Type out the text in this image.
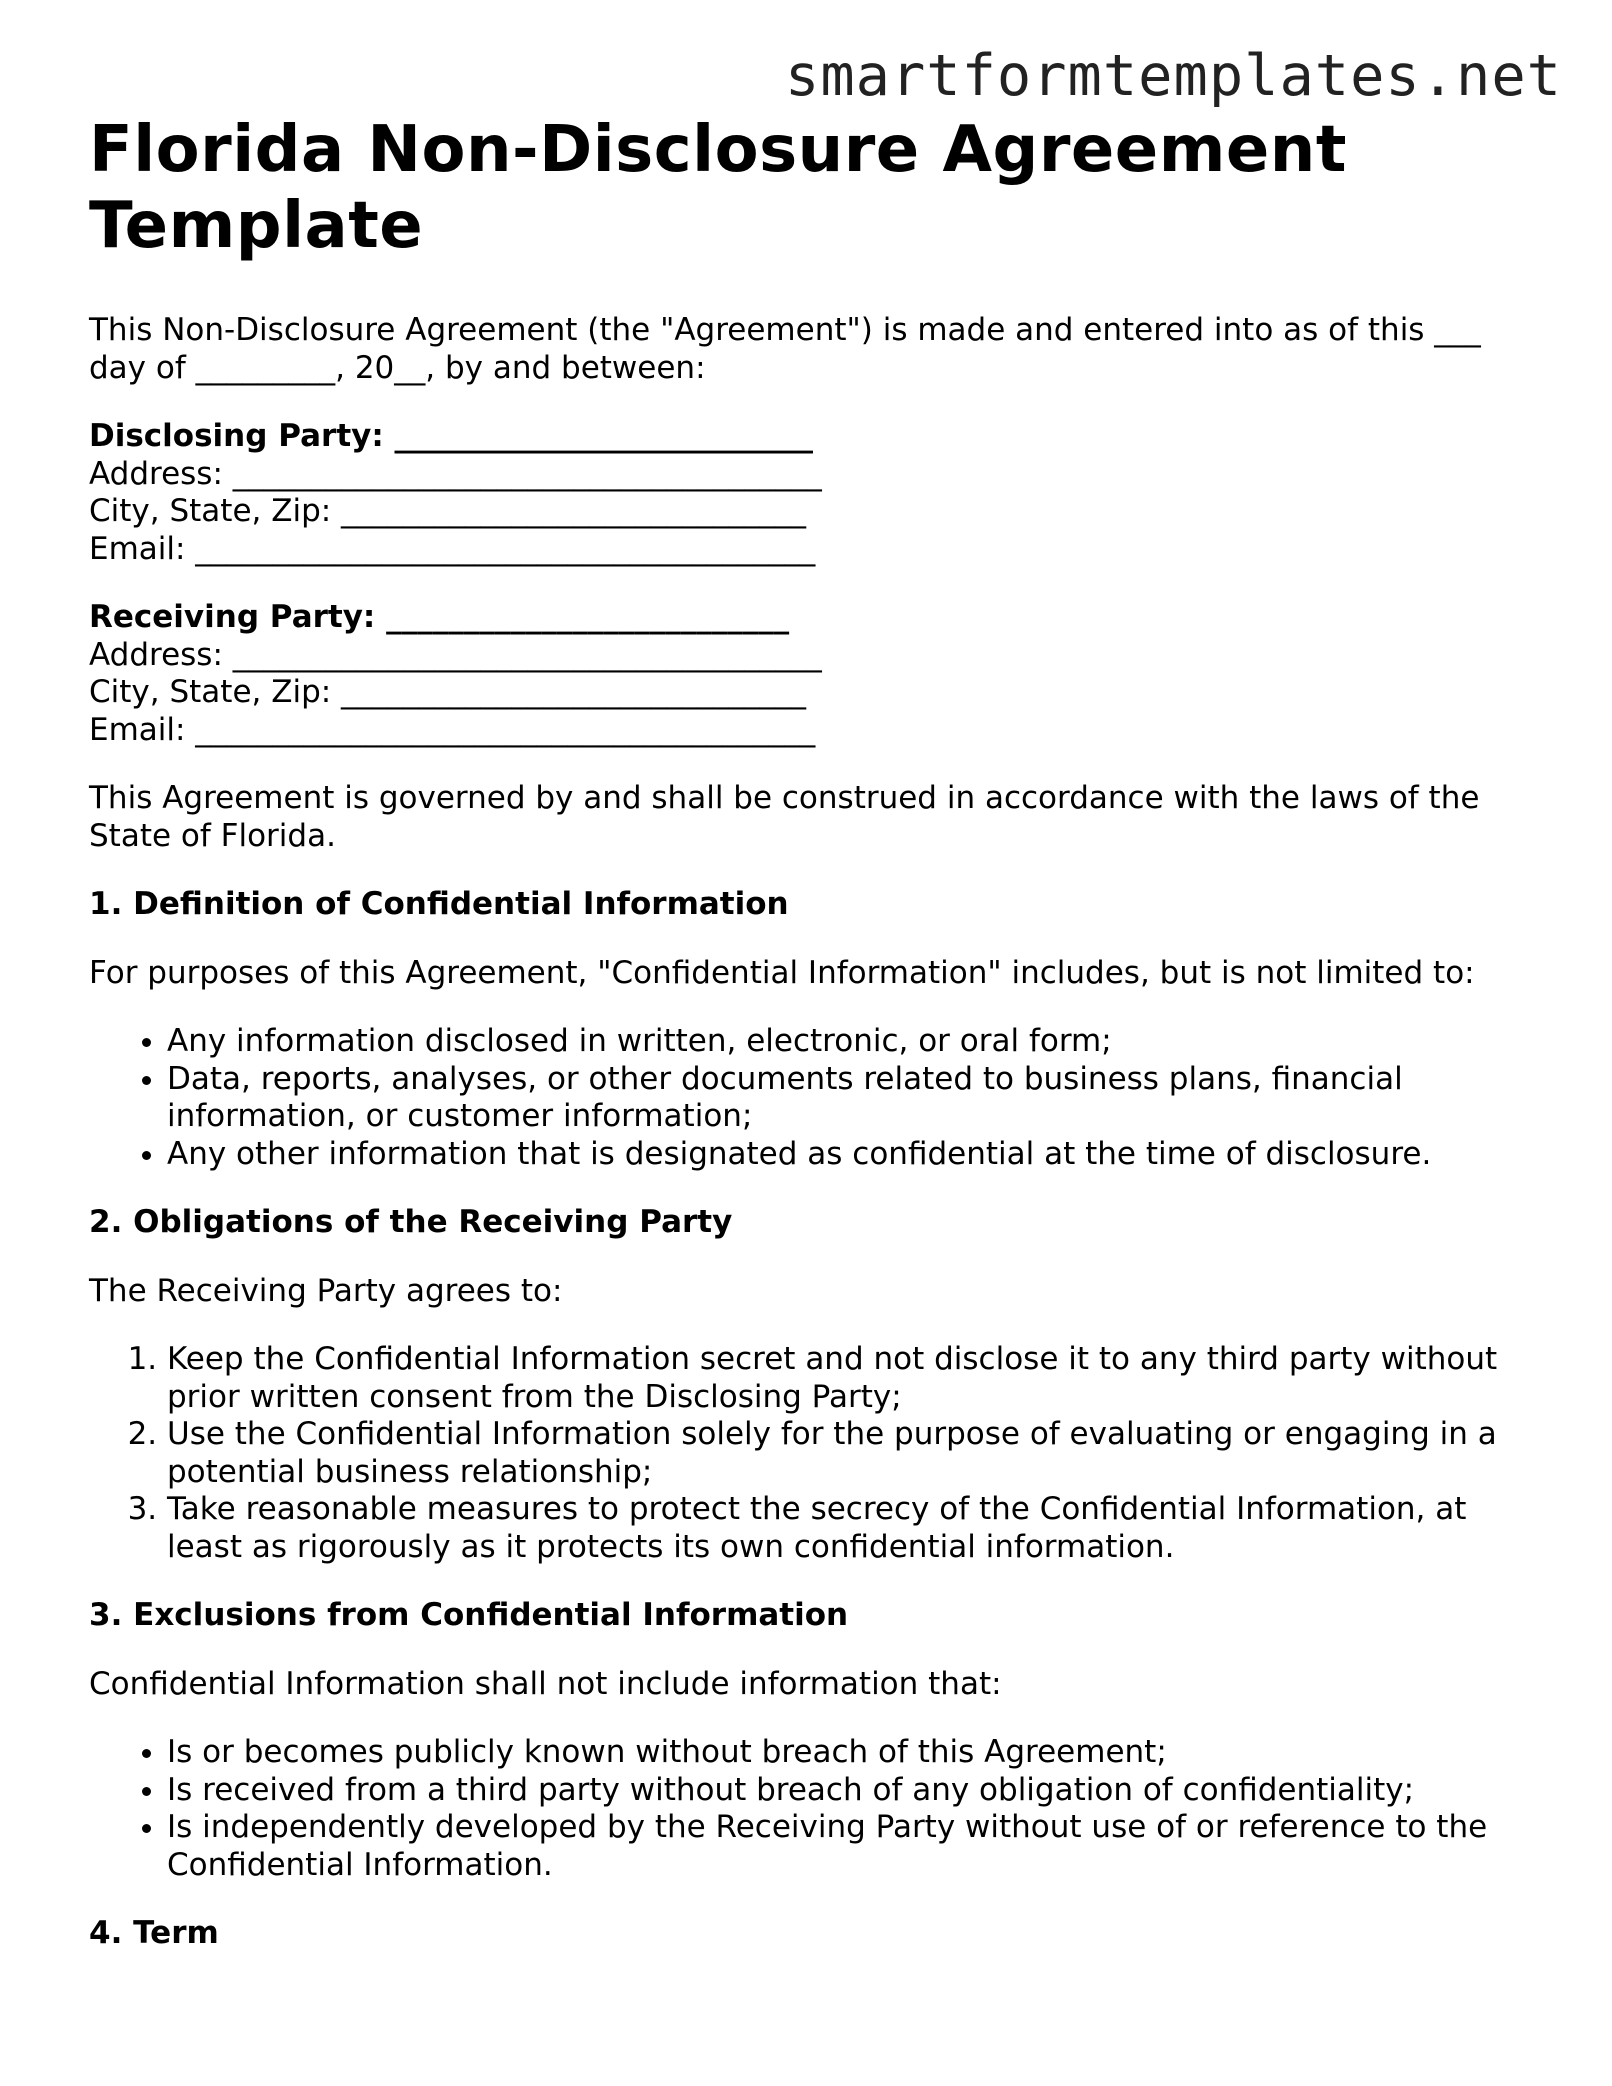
smartformtemplates.net
Florida Non-Disclosure Agreement Template
This Non-Disclosure Agreement (the "Agreement") is made and entered into as of this ___ day of _________, 20__, by and between:
Disclosing Party: ___________________________
Address: ______________________________________
City, State, Zip: ______________________________
Email: ________________________________________
Receiving Party: __________________________
Address: ______________________________________
City, State, Zip: ______________________________
Email: ________________________________________
This Agreement is governed by and shall be construed in accordance with the laws of the State of Florida.
1. Definition of Confidential Information
For purposes of this Agreement, "Confidential Information" includes, but is not limited to:
• Any information disclosed in written, electronic, or oral form;
• Data, reports, analyses, or other documents related to business plans, financial information, or customer information;
• Any other information that is designated as confidential at the time of disclosure.
2. Obligations of the Receiving Party
The Receiving Party agrees to:
1. Keep the Confidential Information secret and not disclose it to any third party without prior written consent from the Disclosing Party;
2. Use the Confidential Information solely for the purpose of evaluating or engaging in a potential business relationship;
3. Take reasonable measures to protect the secrecy of the Confidential Information, at least as rigorously as it protects its own confidential information.
3. Exclusions from Confidential Information
Confidential Information shall not include information that:
• Is or becomes publicly known without breach of this Agreement;
• Is received from a third party without breach of any obligation of confidentiality;
• Is independently developed by the Receiving Party without use of or reference to the Confidential Information.
4. Term
